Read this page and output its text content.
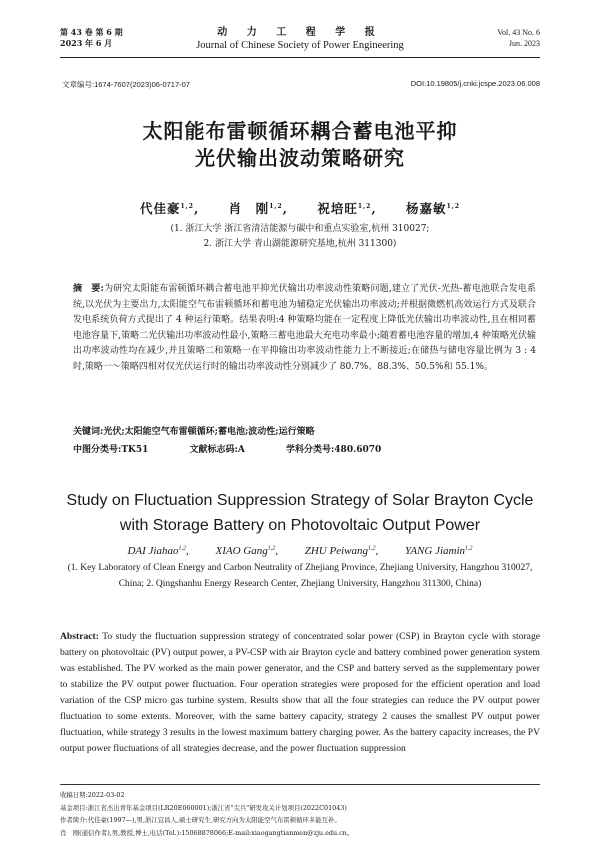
第 43 卷 第 6 期
2023 年 6 月
动 力 工 程 学 报
Journal of Chinese Society of Power Engineering
Vol. 43 No. 6
Jun. 2023
文章编号:1674-7607(2023)06-0717-07	DOI:10.19805/j.cnki.jcspe.2023.06.008
太阳能布雷顿循环耦合蓄电池平抑
光伏输出波动策略研究
代佳豪$^{1,2}$, 肖　刚$^{1,2}$, 祝培旺$^{1,2}$, 杨嘉敏$^{1,2}$
(1. 浙江大学 浙江省清洁能源与碳中和重点实验室,杭州 310027;
2. 浙江大学 青山湖能源研究基地,杭州 311300)
摘　要:为研究太阳能布雷顿循环耦合蓄电池平抑光伏输出功率波动性策略问题,建立了光伏-光热-蓄电池联合发电系统,以光伏为主要出力,太阳能空气布雷顿循环和蓄电池为辅稳定光伏输出功率波动;并根据微燃机高效运行方式及联合发电系统负荷方式提出了 4 种运行策略。结果表明:4 种策略均能在一定程度上降低光伏输出功率波动性,且在相同蓄电池容量下,策略二光伏输出功率波动性最小,策略三蓄电池最大充电功率最小;随着蓄电池容量的增加,4 种策略光伏输出功率波动性均在减少,并且策略二和策略一在平抑输出功率波动性能力上不断接近;在储热与储电容量比例为 3 : 4 时,策略一～策略四相对仅光伏运行时的输出功率波动性分别减少了 80.7%、88.3%、50.5%和 55.1%。
关键词:光伏;太阳能空气布雷顿循环;蓄电池;波动性;运行策略
中图分类号:TK51	文献标志码:A	学科分类号:480.6070
Study on Fluctuation Suppression Strategy of Solar Brayton Cycle
with Storage Battery on Photovoltaic Output Power
DAI Jiahao$^{1,2}$, XIAO Gang$^{1,2}$, ZHU Peiwang$^{1,2}$, YANG Jiamin$^{1,2}$
(1. Key Laboratory of Clean Energy and Carbon Neutrality of Zhejiang Province, Zhejiang University, Hangzhou 310027, China; 2. Qingshanhu Energy Research Center, Zhejiang University, Hangzhou 311300, China)
Abstract: To study the fluctuation suppression strategy of concentrated solar power (CSP) in Brayton cycle with storage battery on photovoltaic (PV) output power, a PV-CSP with air Brayton cycle and battery combined power generation system was established. The PV worked as the main power generator, and the CSP and battery served as the supplementary power to stabilize the PV output power fluctuation. Four operation strategies were proposed for the efficient operation and load variation of the CSP micro gas turbine system. Results show that all the four strategies can reduce the PV output power fluctuation to some extents. Moreover, with the same battery capacity, strategy 2 causes the smallest PV output power fluctuation, while strategy 3 results in the lowest maximum battery charging power. As the battery capacity increases, the PV output power fluctuations of all strategies decrease, and the power fluctuation suppression
收稿日期:2022-03-02
基金项目:浙江省杰出青年基金项目(LR20E060001);浙江省"尖兵"研发攻关计划项目(2022C01043)
作者简介:代佳豪(1997—),男,浙江宜昌人,硕士研究生,研究方向为太阳能空气布雷顿循环多能互补。
肖　刚(通信作者),男,教授,博士,电话(Tel.):15068878066;E-mail:xiaogangtianmen@zju.edu.cn。
